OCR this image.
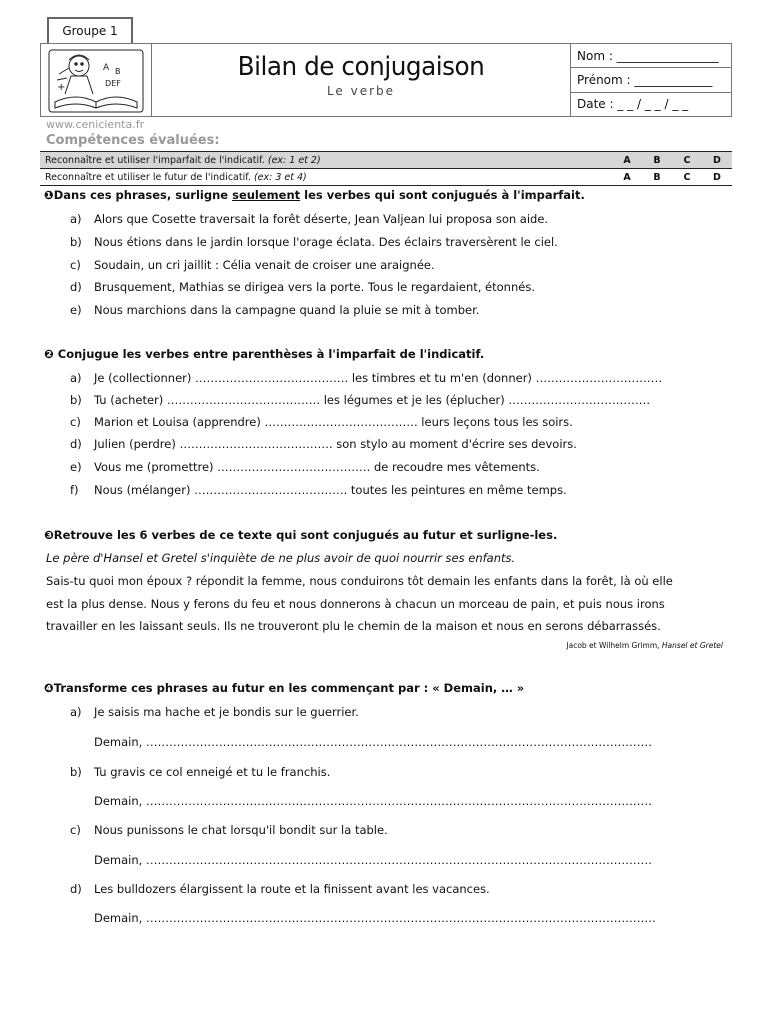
Groupe 1
A B
DEF
+
Bilan de conjugaison
Le verbe
Nom : _________________
Prénom : _____________
Date : _ _ / _ _ / _ _
www.cenicienta.fr
Compétences évaluées:
Reconnaître et utiliser l'imparfait de l'indicatif. (ex: 1 et 2)	A	B	C	D
Reconnaître et utiliser le futur de l'indicatif. (ex: 3 et 4)	A	B	C	D
❶Dans ces phrases, surligne seulement les verbes qui sont conjugués à l'imparfait.
a) Alors que Cosette traversait la forêt déserte, Jean Valjean lui proposa son aide.
b) Nous étions dans le jardin lorsque l'orage éclata. Des éclairs traversèrent le ciel.
c) Soudain, un cri jaillit : Célia venait de croiser une araignée.
d) Brusquement, Mathias se dirigea vers la porte. Tous le regardaient, étonnés.
e) Nous marchions dans la campagne quand la pluie se mit à tomber.
❷ Conjugue les verbes entre parenthèses à l'imparfait de l'indicatif.
a) Je (collectionner) …………………………………. les timbres et tu m'en (donner) ……………………………
b) Tu (acheter) …………………………………. les légumes et je les (éplucher) ……………………………….
c) Marion et Louisa (apprendre) …………………………………. leurs leçons tous les soirs.
d) Julien (perdre) …………………………………. son stylo au moment d'écrire ses devoirs.
e) Vous me (promettre) …………………………………. de recoudre mes vêtements.
f) Nous (mélanger) …………………………………. toutes les peintures en même temps.
❸Retrouve les 6 verbes de ce texte qui sont conjugués au futur et surligne-les.
Le père d'Hansel et Gretel s'inquiète de ne plus avoir de quoi nourrir ses enfants.
Sais-tu quoi mon époux ? répondit la femme, nous conduirons tôt demain les enfants dans la forêt, là où elle
est la plus dense. Nous y ferons du feu et nous donnerons à chacun un morceau de pain, et puis nous irons
travailler en les laissant seuls. Ils ne trouveront plu le chemin de la maison et nous en serons débarrassés.
Jacob et Wilhelm Grimm, Hansel et Gretel
❹Transforme ces phrases au futur en les commençant par : « Demain, … »
a) Je saisis ma hache et je bondis sur le guerrier.
Demain, ……………………………………………………………………………………………………………………
b) Tu gravis ce col enneigé et tu le franchis.
Demain, ……………………………………………………………………………………………………………………
c) Nous punissons le chat lorsqu'il bondit sur la table.
Demain, ……………………………………………………………………………………………………………………
d) Les bulldozers élargissent la route et la finissent avant les vacances.
Demain, …………………………………………………………………………………………………………………….
